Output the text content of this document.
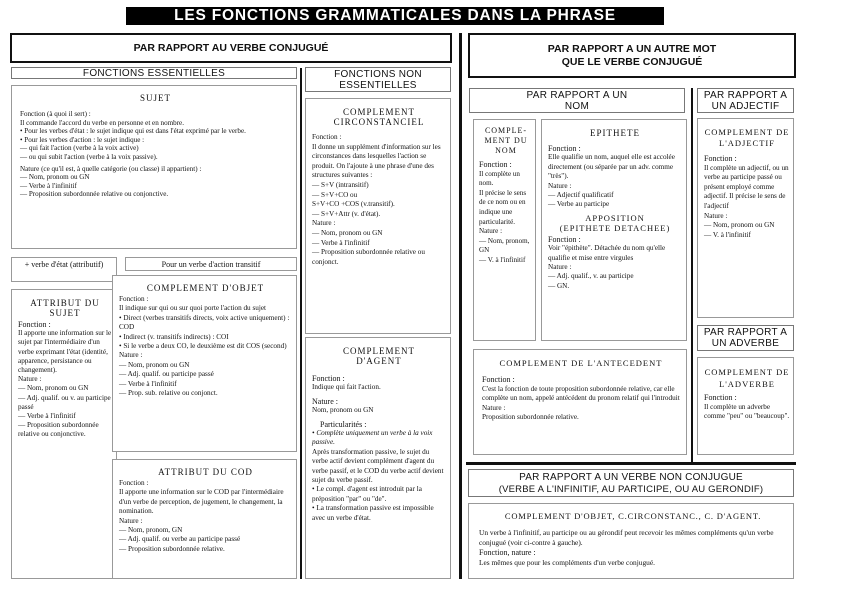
LES FONCTIONS GRAMMATICALES DANS LA PHRASE
PAR RAPPORT AU VERBE CONJUGUÉ
FONCTIONS ESSENTIELLES	FONCTIONS NON ESSENTIELLES
SUJET

Fonction (à quoi il sert) :

Il commande l'accord du verbe en personne et en nombre.

• Pour les verbes d'état : le sujet indique qui est dans l'état exprimé par le verbe.

• Pour les verbes d'action : le sujet indique :

— qui fait l'action (verbe à la voix active)

— ou qui subit l'action (verbe à la voix passive).

Nature (ce qu'il est, à quelle catégorie (ou classe) il appartient) :

— Nom, pronom ou GN

— Verbe à l'infinitif

— Proposition subordonnée relative ou conjonctive.

+ verbe d'état (attributif)	Pour un verbe d'action transitif
ATTRIBUT DU SUJET

Fonction :

Il apporte une information sur le sujet par l'intermédiaire d'un verbe exprimant l'état (identité, apparence, persistance ou changement).

Nature :

— Nom, pronom ou GN

— Adj. qualif. ou v. au participe passé

— Verbe à l'infinitif

— Proposition subordonnée relative ou conjonctive.

COMPLEMENT D'OBJET

Fonction :

Il indique sur qui ou sur quoi porte l'action du sujet

• Direct (verbes transitifs directs, voix active uniquement) : COD

• Indirect (v. transitifs indirects) : COI

• Si le verbe a deux CO, le deuxième est dit COS (second)

Nature :

— Nom, pronom ou GN

— Adj. qualif. ou participe passé

— Verbe à l'infinitif

— Prop. sub. relative ou conjonct.

ATTRIBUT DU COD

Fonction :

Il apporte une information sur le COD par l'intermédiaire d'un verbe de perception, de jugement, le changement, la nomination.

Nature :

— Nom, pronom, GN

— Adj. qualif. ou verbe au participe passé

— Proposition subordonnée relative.

COMPLEMENT CIRCONSTANCIEL

Fonction :

Il donne un supplément d'information sur les circonstances dans lesquelles l'action se produit. On l'ajoute à une phrase d'une des structures suivantes :

— S+V (intransitif)

— S+V+CO ou

S+V+CO +COS (v.transitif).

— S+V+Attr (v. d'état).

Nature :

— Nom, pronom ou GN

— Verbe à l'infinitif

— Proposition subordonnée relative ou conjonct.

COMPLEMENT D'AGENT

Fonction :

Indique qui fait l'action.

Nature :

Nom, pronom ou GN

Particularités :

• Complète uniquement un verbe à la voix passive.

Après transformation passive, le sujet du verbe actif devient complément d'agent du verbe passif, et le COD du verbe actif devient sujet du verbe passif.

• Le compl. d'agent est introduit par la préposition "par" ou "de".

• La transformation passive est impossible avec un verbe d'état.

PAR RAPPORT A UN AUTRE MOT
QUE LE VERBE CONJUGUÉ
PAR RAPPORT A UN NOM
PAR RAPPORT A UN ADJECTIF
COMPLE-MENT DU NOM

Fonction :

Il complète un nom.

Il précise le sens de ce nom ou en indique une particularité.

Nature :

— Nom, pronom, GN

— V. à l'infinitif

EPITHETE

Fonction :

Elle qualifie un nom, auquel elle est accolée directement (ou séparée par un adv. comme "très").

Nature :

— Adjectif qualificatif

— Verbe au participe

APPOSITION
(EPITHETE DETACHEE)

Fonction :

Voir "épithète". Détachée du nom qu'elle qualifie et mise entre virgules

Nature :

— Adj. qualif., v. au participe

— GN.

COMPLEMENT DE L'ANTECEDENT

Fonction :

C'est la fonction de toute proposition subordonnée relative, car elle complète un nom, appelé antécédent du pronom relatif qui l'introduit

Nature :

Proposition subordonnée relative.

COMPLEMENT DE L'ADJECTIF

Fonction :

Il complète un adjectif, ou un verbe au participe passé ou présent employé comme adjectif. Il précise le sens de l'adjectif

Nature :

— Nom, pronom ou GN

— V. à l'infinitif

PAR RAPPORT A UN ADVERBE
COMPLEMENT DE L'ADVERBE

Fonction :

Il complète un adverbe comme "peu" ou "beaucoup".

PAR RAPPORT A UN VERBE NON CONJUGUE
(VERBE A L'INFINITIF, AU PARTICIPE, OU AU GERONDIF)
COMPLEMENT D'OBJET, C.CIRCONSTANC., C. D'AGENT.

Un verbe à l'infinitif, au participe ou au gérondif peut recevoir les mêmes compléments qu'un verbe conjugué (voir ci-contre à gauche).

Fonction, nature :

Les mêmes que pour les compléments d'un verbe conjugué.
